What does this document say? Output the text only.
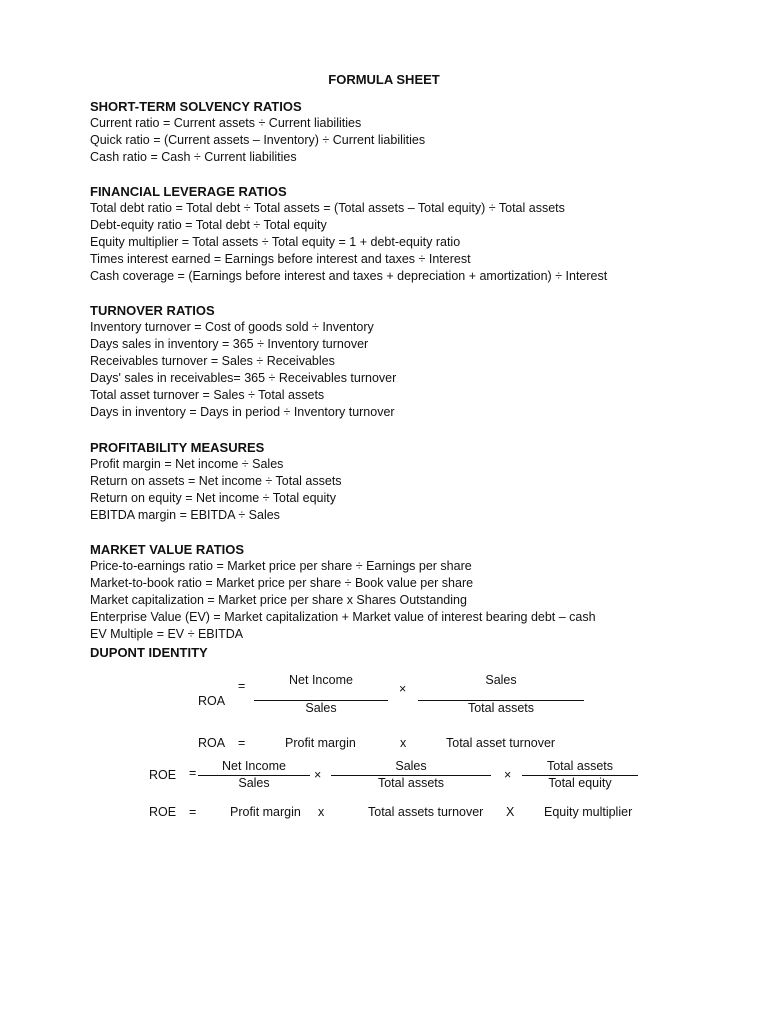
FORMULA SHEET
SHORT-TERM SOLVENCY RATIOS
Current ratio = Current assets ÷ Current liabilities
Quick ratio = (Current assets – Inventory) ÷ Current liabilities
Cash ratio = Cash ÷ Current liabilities
FINANCIAL LEVERAGE RATIOS
Total debt ratio = Total debt ÷ Total assets = (Total assets – Total equity) ÷ Total assets
Debt-equity ratio = Total debt ÷ Total equity
Equity multiplier = Total assets ÷ Total equity = 1 + debt-equity ratio
Times interest earned = Earnings before interest and taxes ÷ Interest
Cash coverage = (Earnings before interest and taxes + depreciation + amortization) ÷ Interest
TURNOVER RATIOS
Inventory turnover = Cost of goods sold ÷ Inventory
Days sales in inventory = 365 ÷ Inventory turnover
Receivables turnover = Sales ÷ Receivables
Days' sales in receivables= 365 ÷ Receivables turnover
Total asset turnover = Sales ÷ Total assets
Days in inventory = Days in period ÷ Inventory turnover
PROFITABILITY MEASURES
Profit margin = Net income ÷ Sales
Return on assets = Net income ÷ Total assets
Return on equity = Net income ÷ Total equity
EBITDA margin = EBITDA ÷ Sales
MARKET VALUE RATIOS
Price-to-earnings ratio = Market price per share ÷ Earnings per share
Market-to-book ratio = Market price per share ÷ Book value per share
Market capitalization = Market price per share x Shares Outstanding
Enterprise Value (EV) = Market capitalization + Market value of interest bearing debt – cash
EV Multiple = EV ÷ EBITDA
DUPONT IDENTITY
=
ROA
Net Income
Sales
×
Sales
Total assets
ROA =	Profit margin	x	Total asset turnover
ROE =	Net Income
Sales
×
Sales
Total assets
×
Total assets
Total equity
ROE =	Profit margin x	Total assets turnover X Equity multiplier
